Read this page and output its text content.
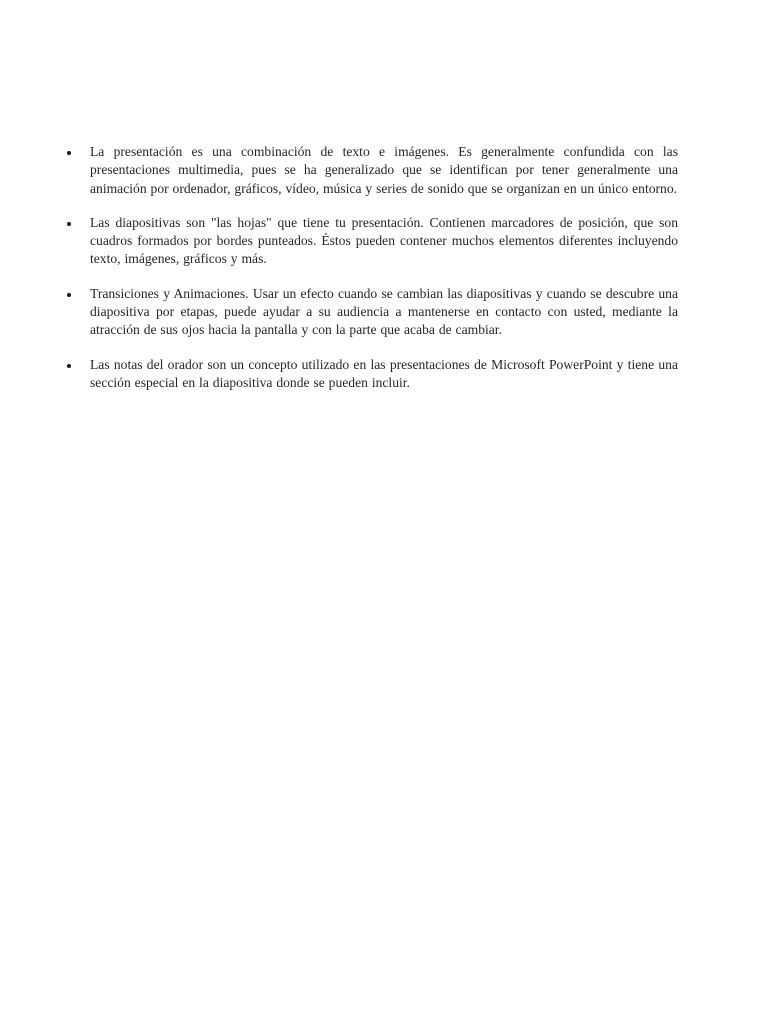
La presentación es una combinación de texto e imágenes. Es generalmente confundida con las presentaciones multimedia, pues se ha generalizado que se identifican por tener generalmente una animación por ordenador, gráficos, vídeo, música y series de sonido que se organizan en un único entorno.
Las diapositivas son "las hojas" que tiene tu presentación. Contienen marcadores de posición, que son cuadros formados por bordes punteados. Éstos pueden contener muchos elementos diferentes incluyendo texto, imágenes, gráficos y más.
Transiciones y Animaciones. Usar un efecto cuando se cambian las diapositivas y cuando se descubre una diapositiva por etapas, puede ayudar a su audiencia a mantenerse en contacto con usted, mediante la atracción de sus ojos hacia la pantalla y con la parte que acaba de cambiar.
Las notas del orador son un concepto utilizado en las presentaciones de Microsoft PowerPoint y tiene una sección especial en la diapositiva donde se pueden incluir.
